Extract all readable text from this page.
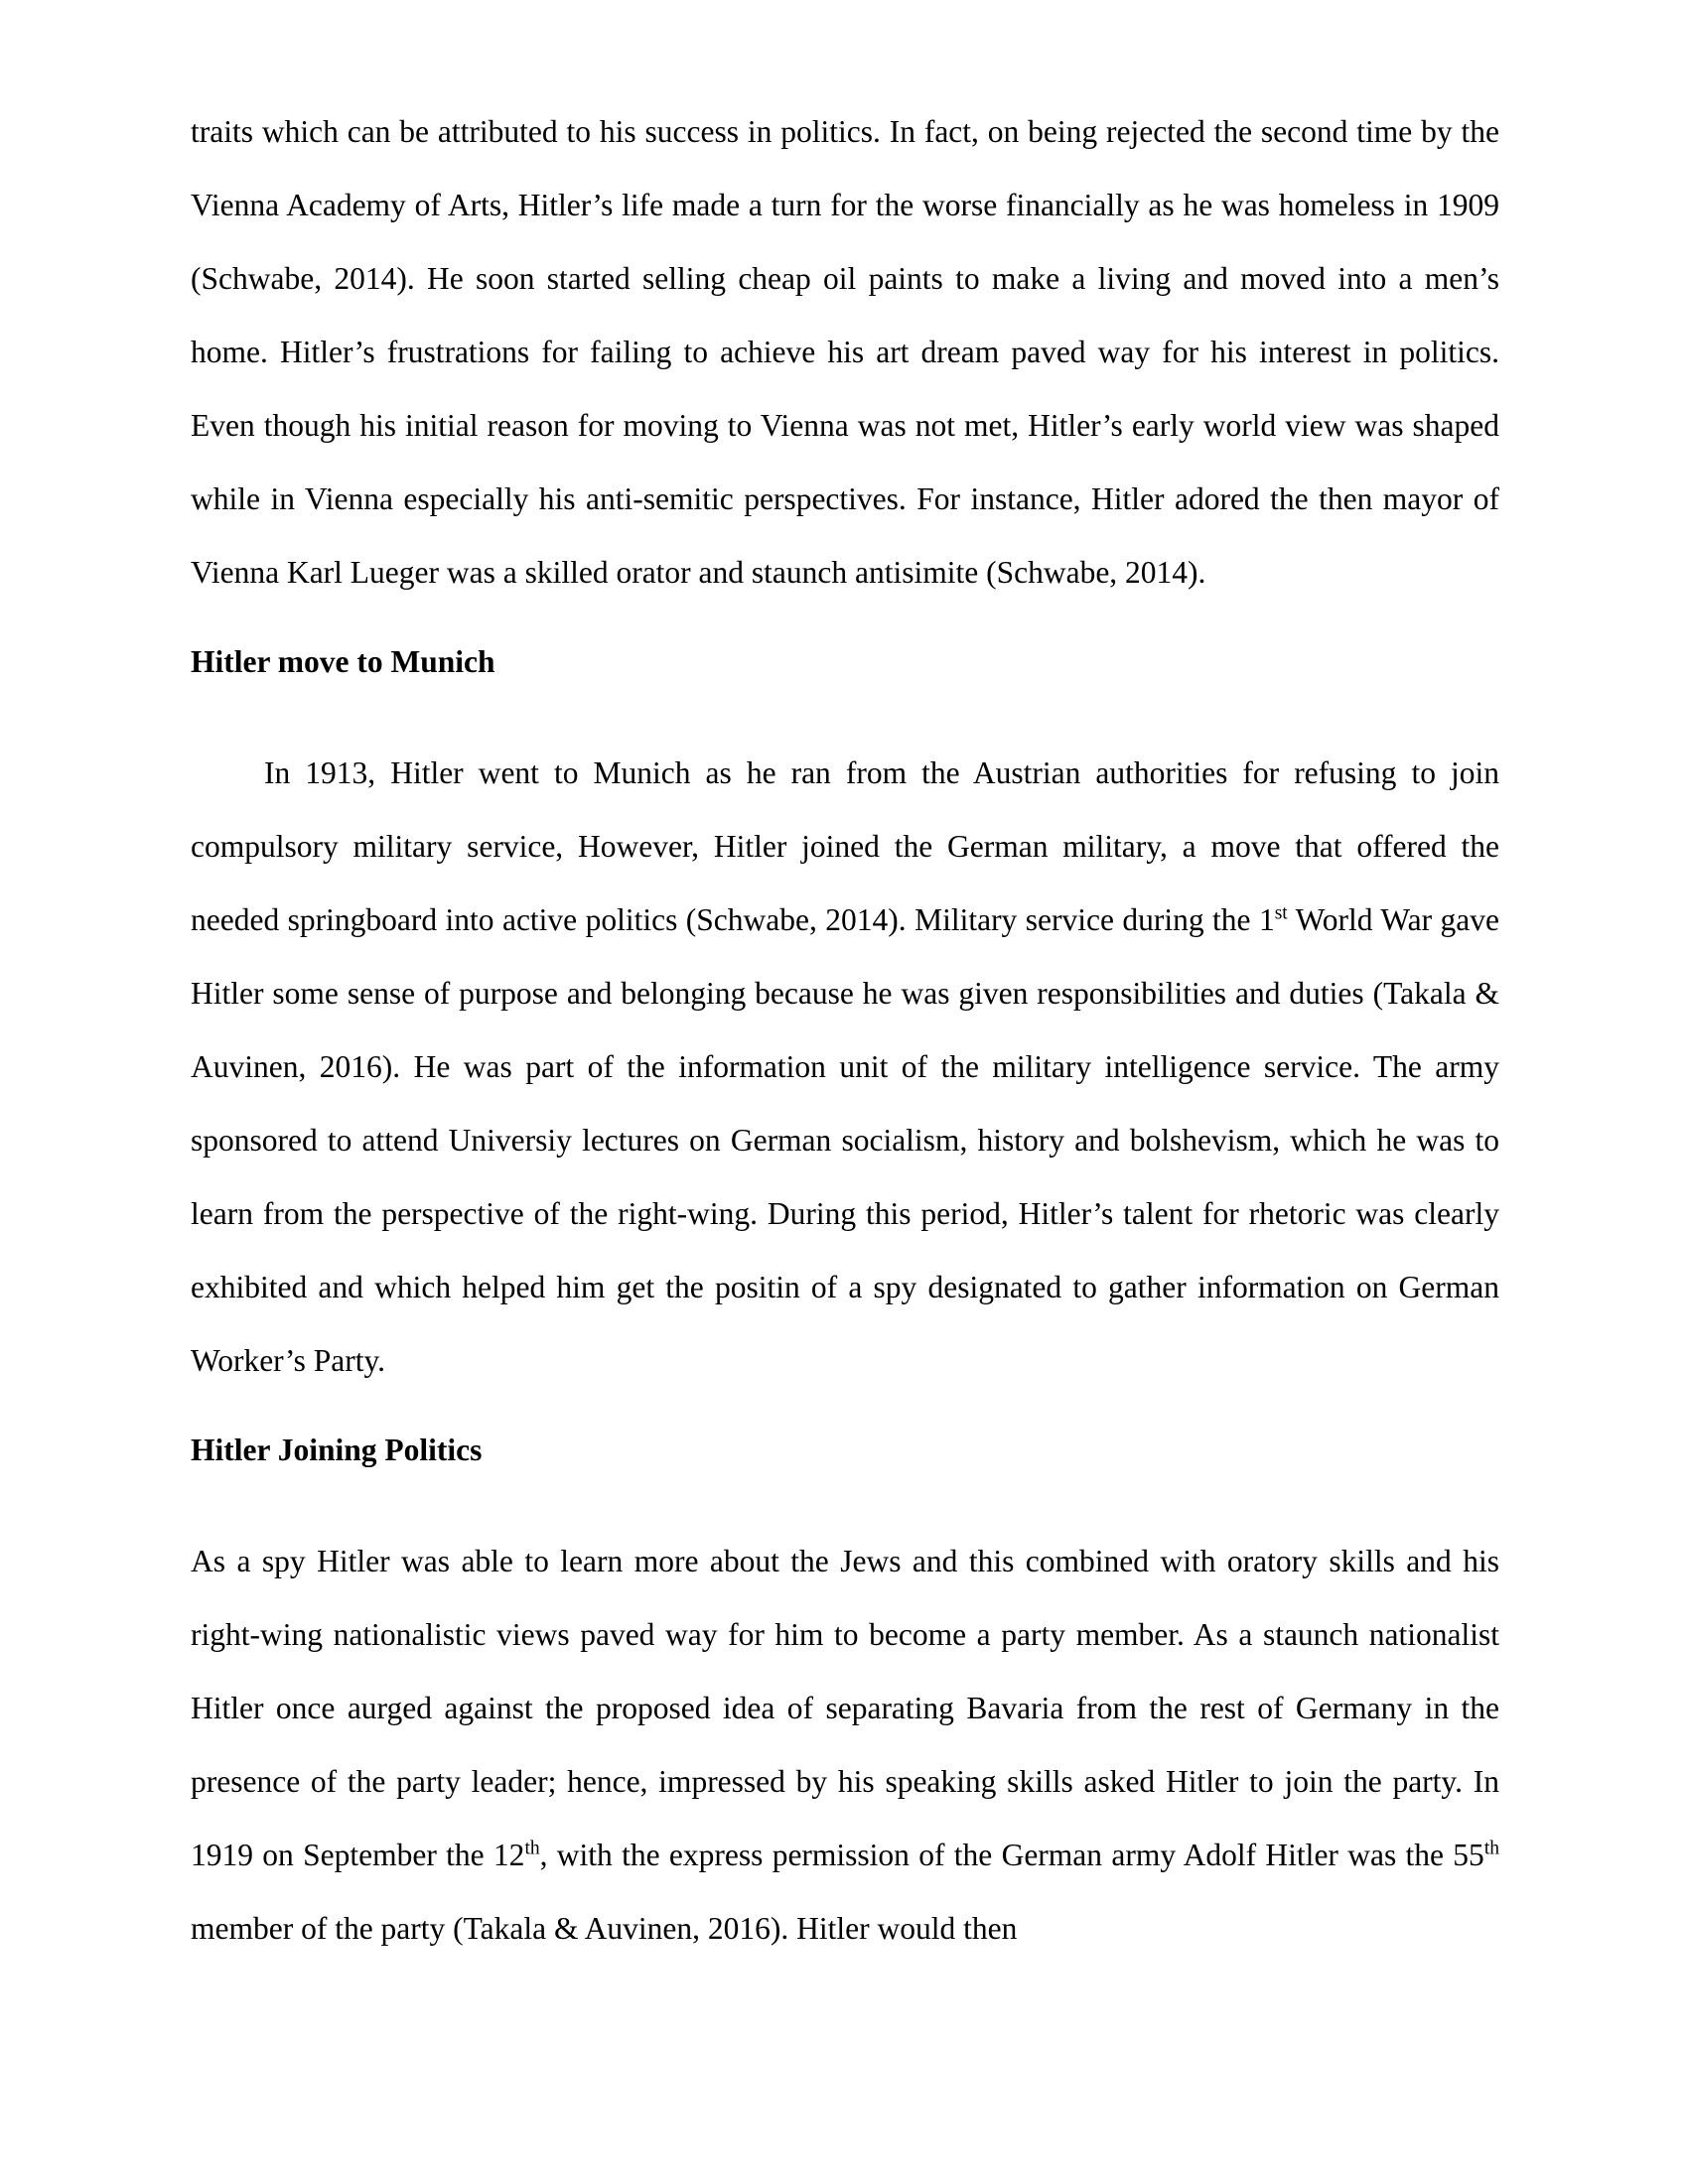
traits which can be attributed to his success in politics. In fact, on being rejected the second time by the Vienna Academy of Arts, Hitler’s life made a turn for the worse financially as he was homeless in 1909 (Schwabe, 2014). He soon started selling cheap oil paints to make a living and moved into a men’s home. Hitler’s frustrations for failing to achieve his art dream paved way for his interest in politics. Even though his initial reason for moving to Vienna was not met, Hitler’s early world view was shaped while in Vienna especially his anti-semitic perspectives. For instance, Hitler adored the then mayor of Vienna Karl Lueger was a skilled orator and staunch antisimite (Schwabe, 2014).

Hitler move to Munich

In 1913, Hitler went to Munich as he ran from the Austrian authorities for refusing to join compulsory military service, However, Hitler joined the German military, a move that offered the needed springboard into active politics (Schwabe, 2014). Military service during the 1st World War gave Hitler some sense of purpose and belonging because he was given responsibilities and duties (Takala & Auvinen, 2016). He was part of the information unit of the military intelligence service. The army sponsored to attend Universiy lectures on German socialism, history and bolshevism, which he was to learn from the perspective of the right-wing. During this period, Hitler’s talent for rhetoric was clearly exhibited and which helped him get the positin of a spy designated to gather information on German Worker’s Party.

Hitler Joining Politics

As a spy Hitler was able to learn more about the Jews and this combined with oratory skills and his right-wing nationalistic views paved way for him to become a party member. As a staunch nationalist Hitler once aurged against the proposed idea of separating Bavaria from the rest of Germany in the presence of the party leader; hence, impressed by his speaking skills asked Hitler to join the party. In 1919 on September the 12th, with the express permission of the German army Adolf Hitler was the 55th member of the party (Takala & Auvinen, 2016). Hitler would then
